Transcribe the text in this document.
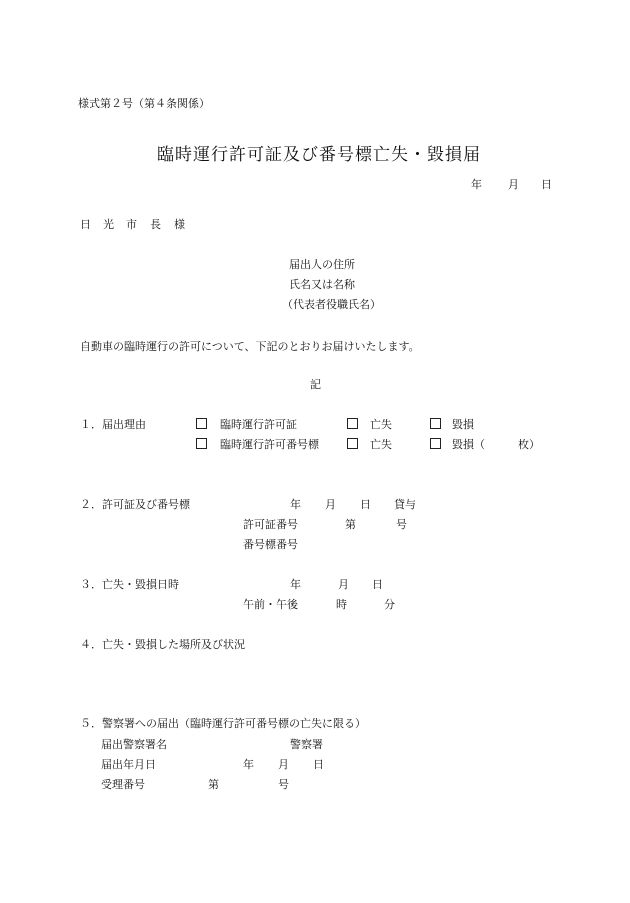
様式第２号（第４条関係）
臨時運行許可証及び番号標亡失・毀損届
年 月 日
日 光 市 長 様
届出人の住所
氏名又は名称
（代表者役職氏名）
自動車の臨時運行の許可について、下記のとおりお届けいたします。
記
１．届出理由	臨時運行許可証	亡失	毀損
臨時運行許可番号標	亡失	毀損（	枚）
２．許可証及び番号標	年 月 日 貸与
許可証番号	第	号
番号標番号
３．亡失・毀損日時	年	月 日
午前・午後	時	分
４．亡失・毀損した場所及び状況
５．警察署への届出（臨時運行許可番号標の亡失に限る）
届出警察署名	警察署
届出年月日	年 月 日
受理番号	第	号
